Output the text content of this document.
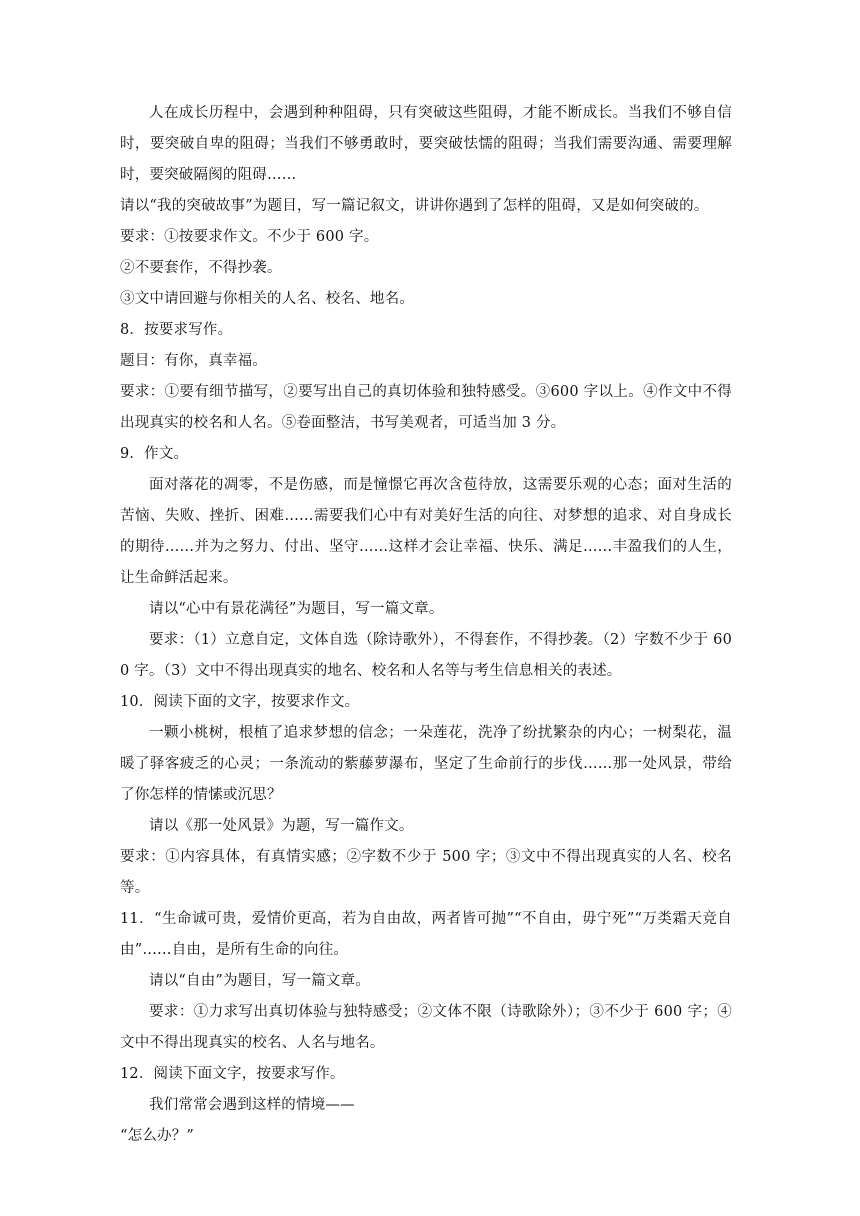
人在成长历程中，会遇到种种阻碍，只有突破这些阻碍，才能不断成长。当我们不够自信时，要突破自卑的阻碍；当我们不够勇敢时，要突破怯懦的阻碍；当我们需要沟通、需要理解时，要突破隔阂的阻碍……

请以“我的突破故事”为题目，写一篇记叙文，讲讲你遇到了怎样的阻碍，又是如何突破的。

要求：①按要求作文。不少于 600 字。

②不要套作，不得抄袭。

③文中请回避与你相关的人名、校名、地名。

8．按要求写作。

题目：有你，真幸福。

要求：①要有细节描写，②要写出自己的真切体验和独特感受。③600 字以上。④作文中不得出现真实的校名和人名。⑤卷面整洁，书写美观者，可适当加 3 分。

9．作文。

面对落花的凋零，不是伤感，而是憧憬它再次含苞待放，这需要乐观的心态；面对生活的苦恼、失败、挫折、困难……需要我们心中有对美好生活的向往、对梦想的追求、对自身成长的期待……并为之努力、付出、坚守……这样才会让幸福、快乐、满足……丰盈我们的人生，让生命鲜活起来。

请以“心中有景花满径”为题目，写一篇文章。

要求：（1）立意自定，文体自选（除诗歌外），不得套作，不得抄袭。（2）字数不少于 600 字。（3）文中不得出现真实的地名、校名和人名等与考生信息相关的表述。

10．阅读下面的文字，按要求作文。

一颗小桃树，根植了追求梦想的信念；一朵莲花，洗净了纷扰繁杂的内心；一树梨花，温暖了驿客疲乏的心灵；一条流动的紫藤萝瀑布，坚定了生命前行的步伐……那一处风景，带给了你怎样的情愫或沉思？

请以《那一处风景》为题，写一篇作文。

要求：①内容具体，有真情实感；②字数不少于 500 字；③文中不得出现真实的人名、校名等。

11．“生命诚可贵，爱情价更高，若为自由故，两者皆可抛”“不自由，毋宁死”“万类霜天竞自由”……自由，是所有生命的向往。

请以“自由”为题目，写一篇文章。

要求：①力求写出真切体验与独特感受；②文体不限（诗歌除外）；③不少于 600 字；④文中不得出现真实的校名、人名与地名。

12．阅读下面文字，按要求写作。

我们常常会遇到这样的情境——

“怎么办？”
